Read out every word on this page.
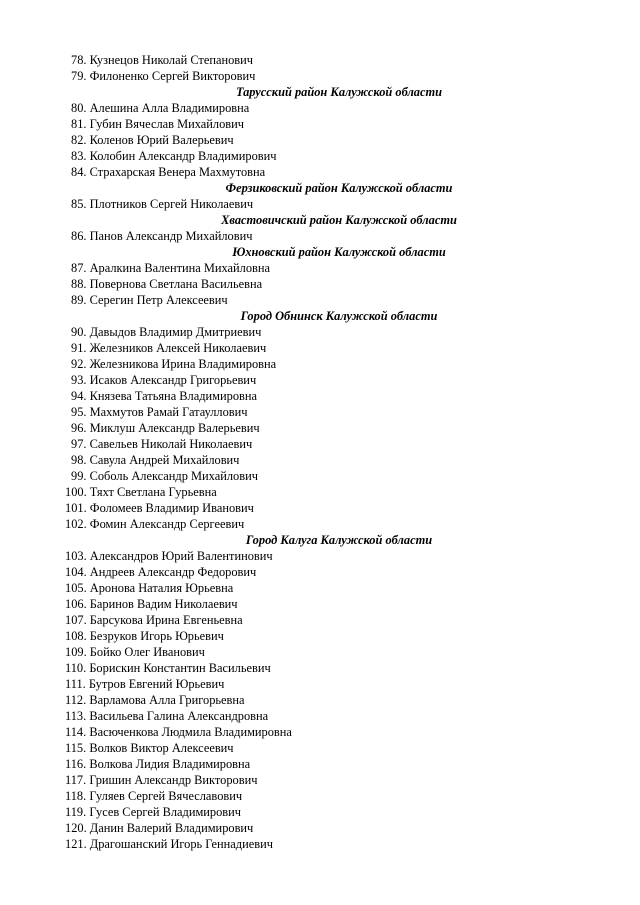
78. Кузнецов Николай Степанович
79. Филоненко Сергей Викторович
Тарусский район Калужской области
80. Алешина Алла Владимировна
81. Губин Вячеслав Михайлович
82. Коленов Юрий Валерьевич
83. Колобин Александр Владимирович
84. Страхарская Венера Махмутовна
Ферзиковский район Калужской области
85. Плотников Сергей Николаевич
Хвастовичский район Калужской области
86. Панов Александр Михайлович
Юхновский район Калужской области
87. Аралкина Валентина Михайловна
88. Повернова Светлана Васильевна
89. Серегин Петр Алексеевич
Город Обнинск Калужской области
90. Давыдов Владимир Дмитриевич
91. Железников Алексей Николаевич
92. Железникова Ирина Владимировна
93. Исаков Александр Григорьевич
94. Князева Татьяна Владимировна
95. Махмутов Рамай Гатауллович
96. Миклуш Александр Валерьевич
97. Савельев Николай Николаевич
98. Савула Андрей Михайлович
99. Соболь Александр Михайлович
100. Тяхт Светлана Гурьевна
101. Фоломеев Владимир Иванович
102. Фомин Александр Сергеевич
Город Калуга Калужской области
103. Александров Юрий Валентинович
104. Андреев Александр Федорович
105. Аронова Наталия Юрьевна
106. Баринов Вадим Николаевич
107. Барсукова Ирина Евгеньевна
108. Безруков Игорь Юрьевич
109. Бойко Олег Иванович
110. Борискин Константин Васильевич
111. Бутров Евгений Юрьевич
112. Варламова Алла Григорьевна
113. Васильева Галина Александровна
114. Васюченкова Людмила Владимировна
115. Волков Виктор Алексеевич
116. Волкова Лидия Владимировна
117. Гришин Александр Викторович
118. Гуляев Сергей Вячеславович
119. Гусев Сергей Владимирович
120. Данин Валерий Владимирович
121. Драгошанский Игорь Геннадиевич
